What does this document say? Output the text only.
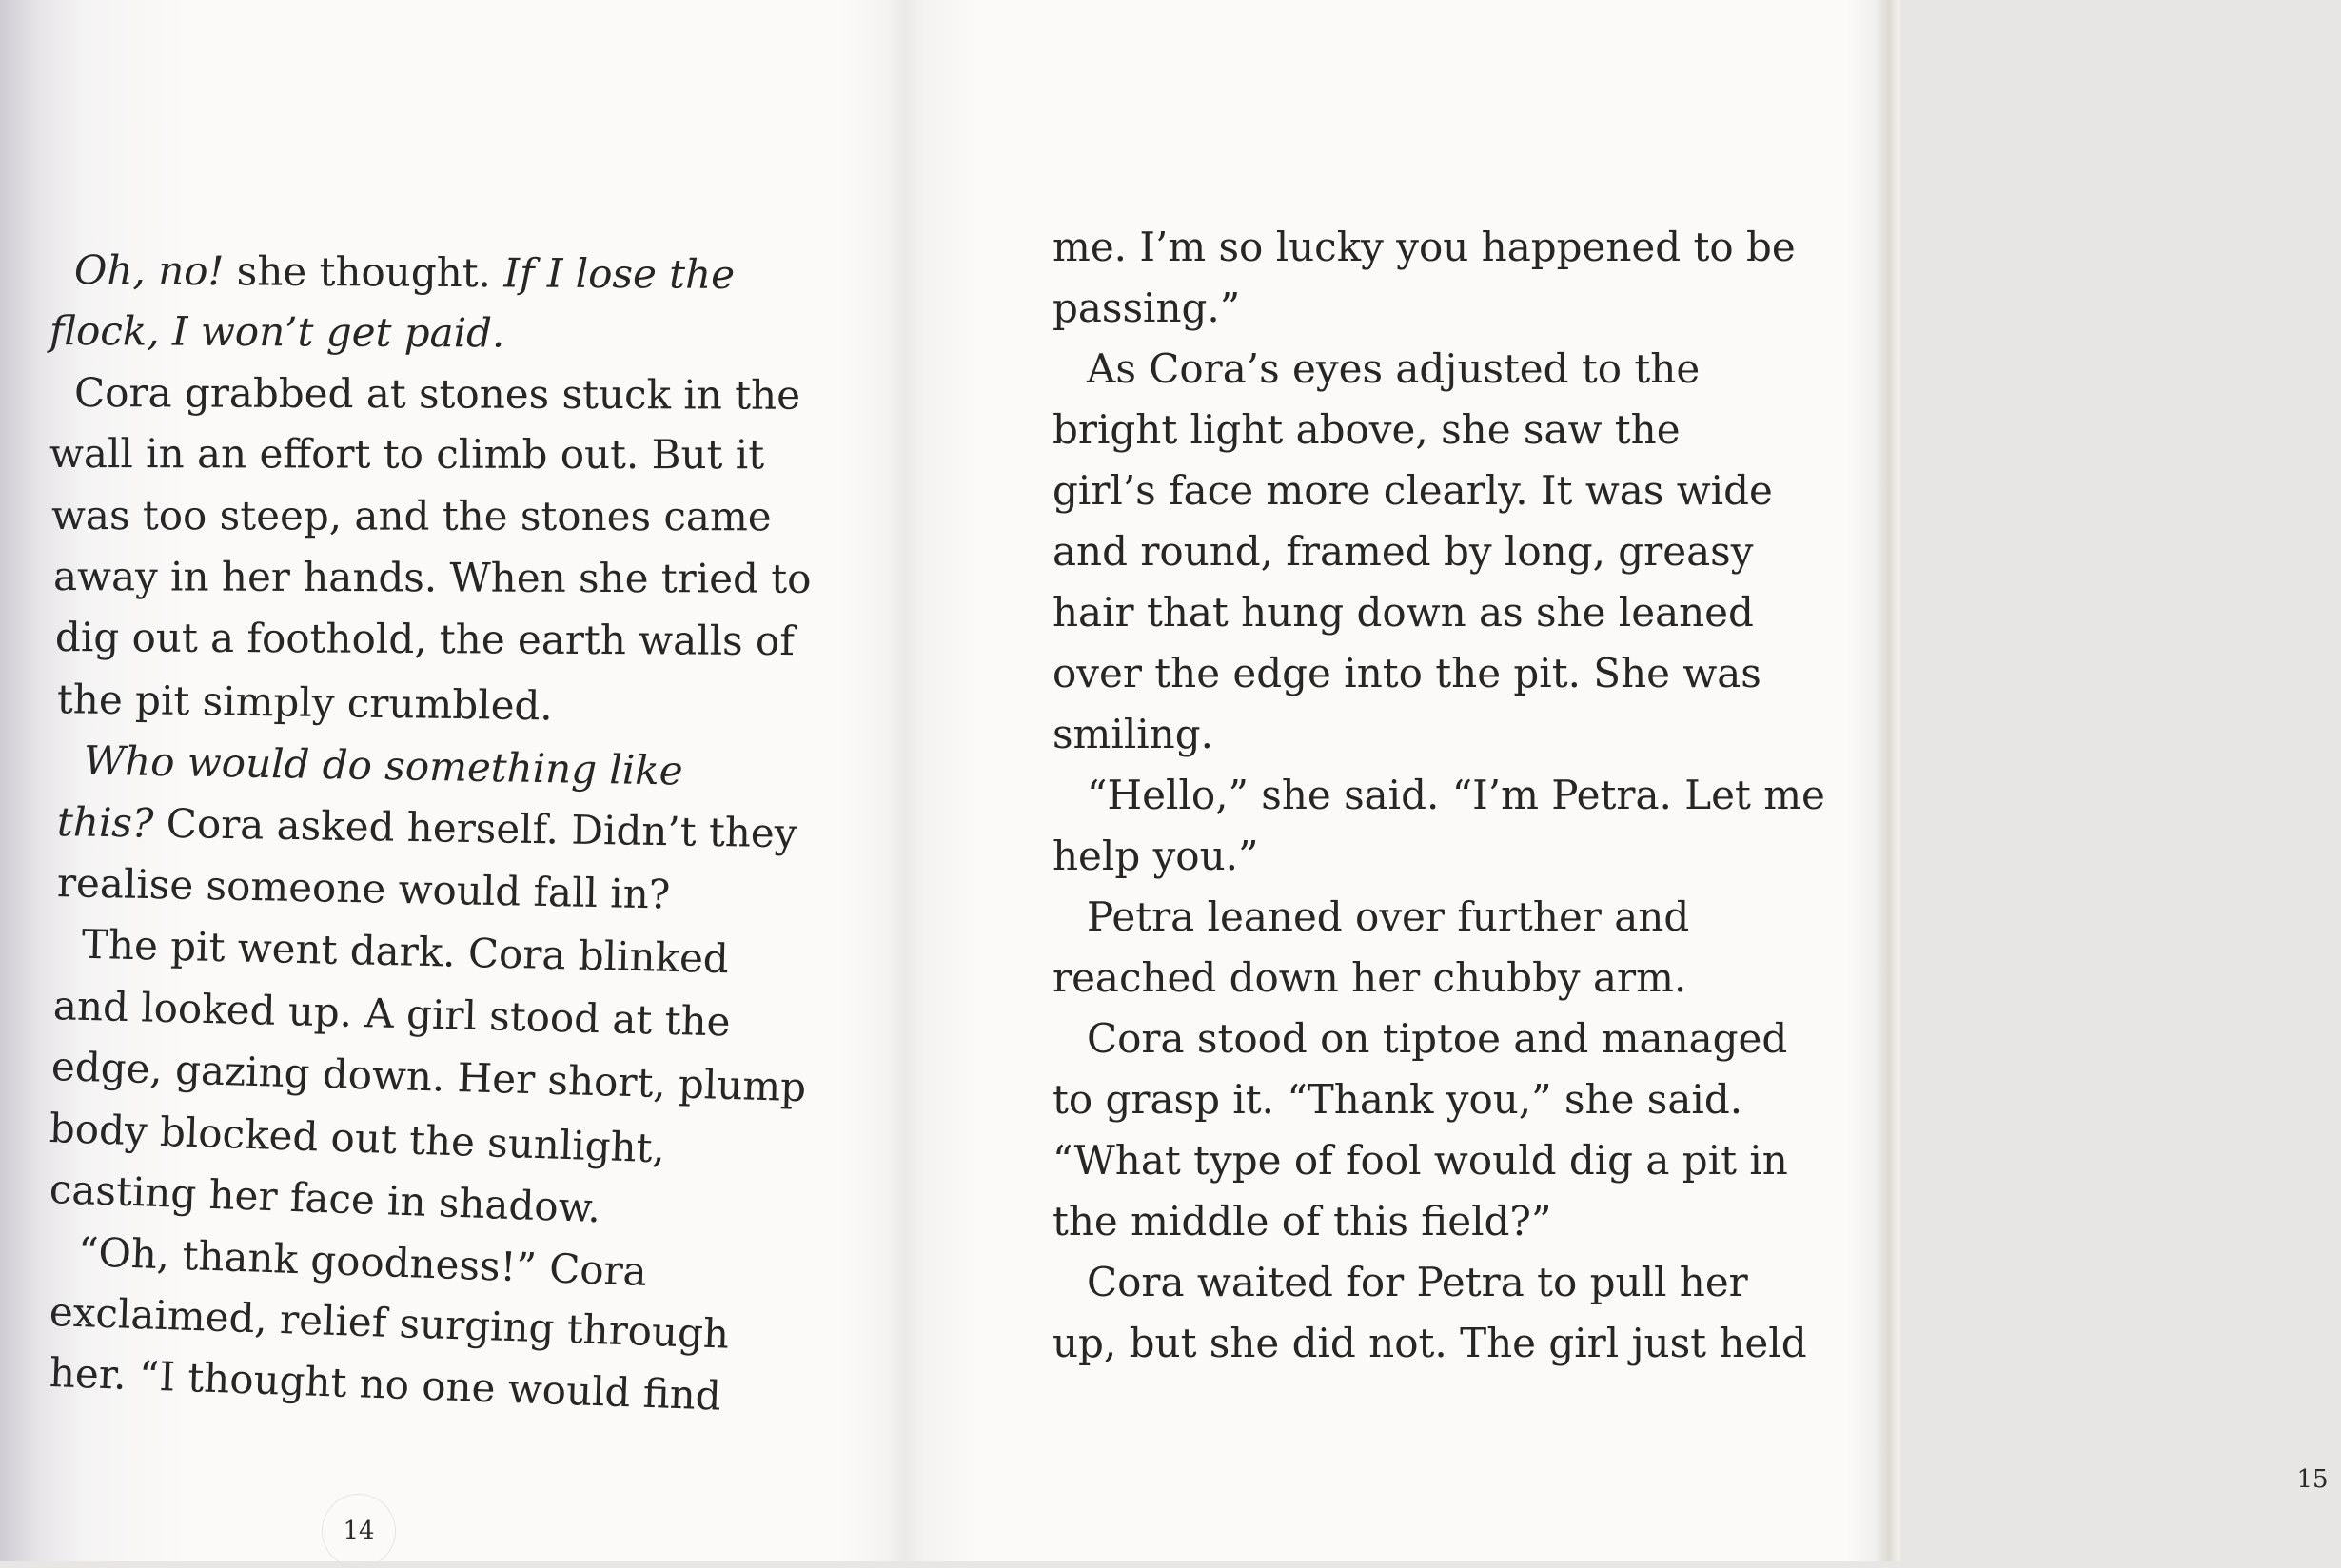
Oh, no! she thought. If I lose the
flock, I won’t get paid.
Cora grabbed at stones stuck in the
wall in an effort to climb out. But it
was too steep, and the stones came
away in her hands. When she tried to
dig out a foothold, the earth walls of
the pit simply crumbled.
Who would do something like
this? Cora asked herself. Didn’t they
realise someone would fall in?
The pit went dark. Cora blinked
and looked up. A girl stood at the
edge, gazing down. Her short, plump
body blocked out the sunlight,
casting her face in shadow.
“Oh, thank goodness!” Cora
exclaimed, relief surging through
her. “I thought no one would find
14
me. I’m so lucky you happened to be
passing.”
As Cora’s eyes adjusted to the
bright light above, she saw the
girl’s face more clearly. It was wide
and round, framed by long, greasy
hair that hung down as she leaned
over the edge into the pit. She was
smiling.
“Hello,” she said. “I’m Petra. Let me
help you.”
Petra leaned over further and
reached down her chubby arm.
Cora stood on tiptoe and managed
to grasp it. “Thank you,” she said.
“What type of fool would dig a pit in
the middle of this field?”
Cora waited for Petra to pull her
up, but she did not. The girl just held
15
